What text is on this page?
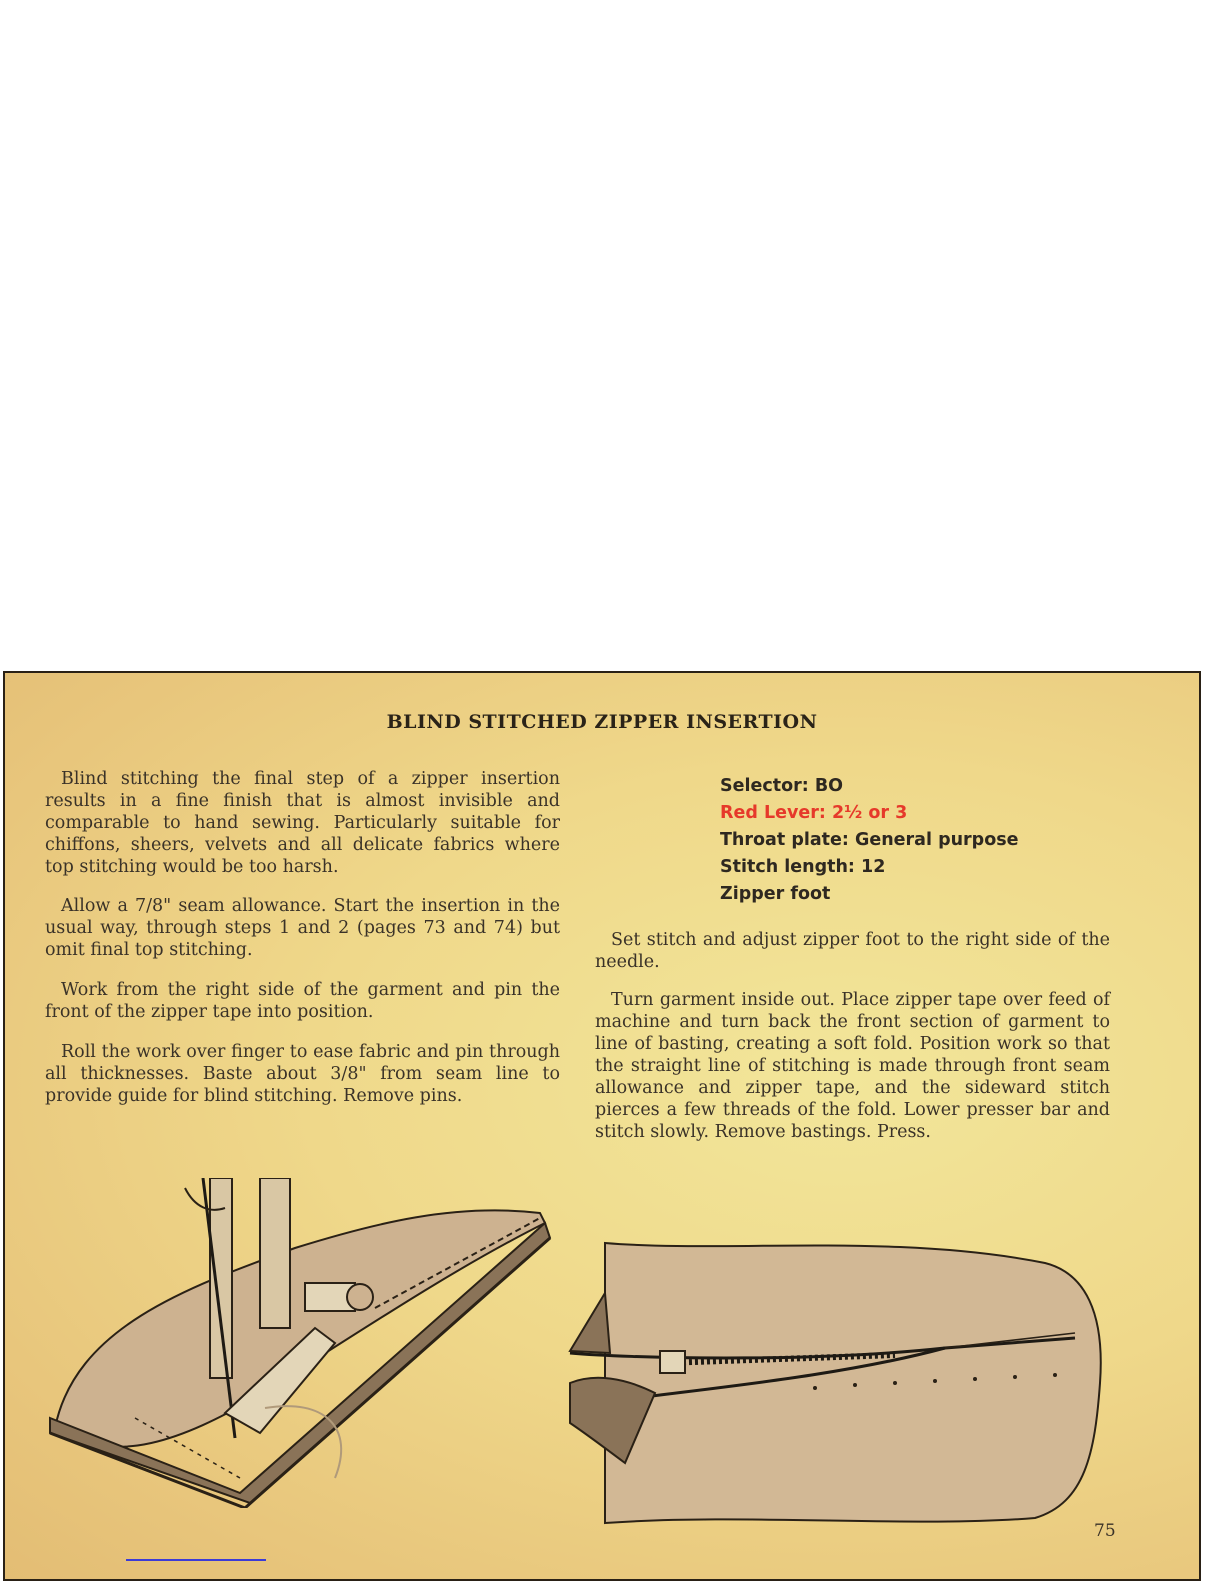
BLIND STITCHED ZIPPER INSERTION

Blind stitching the final step of a zipper insertion results in a fine finish that is almost invisible and comparable to hand sewing. Particularly suitable for chiffons, sheers, velvets and all delicate fabrics where top stitching would be too harsh.

Allow a 7/8" seam allowance. Start the insertion in the usual way, through steps 1 and 2 (pages 73 and 74) but omit final top stitching.

Work from the right side of the garment and pin the front of the zipper tape into position.

Roll the work over finger to ease fabric and pin through all thicknesses. Baste about 3/8" from seam line to provide guide for blind stitching. Remove pins.

Selector: BO
Red Lever: 2½ or 3
Throat plate: General purpose
Stitch length: 12
Zipper foot

Set stitch and adjust zipper foot to the right side of the needle.

Turn garment inside out. Place zipper tape over feed of machine and turn back the front section of garment to line of basting, creating a soft fold. Position work so that the straight line of stitching is made through front seam allowance and zipper tape, and the sideward stitch pierces a few threads of the fold. Lower presser bar and stitch slowly. Remove bastings. Press.

75
